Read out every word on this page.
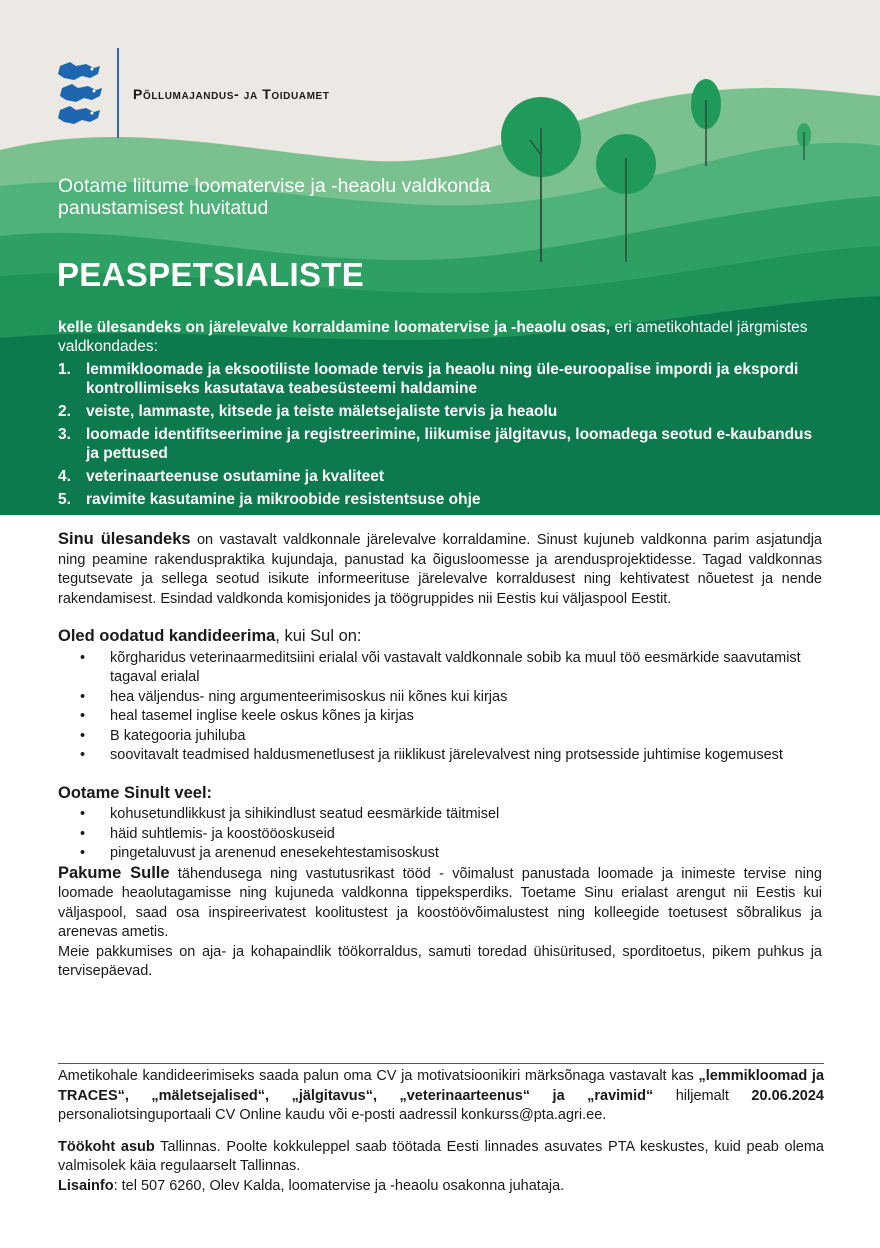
Põllumajandus- ja Toiduamet
Ootame liitume loomatervise ja -heaolu valdkonda panustamisest huvitatud
PEASPETSIALISTE
kelle ülesandeks on järelevalve korraldamine loomatervise ja -heaolu osas, eri ametikohtadel järgmistes valdkondades:
1. lemmikloomade ja eksootiliste loomade tervis ja heaolu ning üle-euroopalise impordi ja ekspordi kontrollimiseks kasutatava teabesüsteemi haldamine
2. veiste, lammaste, kitsede ja teiste mäletsejaliste tervis ja heaolu
3. loomade identifitseerimine ja registreerimine, liikumise jälgitavus, loomadega seotud e-kaubandus ja pettused
4. veterinaarteenuse osutamine ja kvaliteet
5. ravimite kasutamine ja mikroobide resistentsuse ohje

Sinu ülesandeks on vastavalt valdkonnale järelevalve korraldamine. Sinust kujuneb valdkonna parim asjatundja ning peamine rakenduspraktika kujundaja, panustad ka õigusloomesse ja arendusprojektidesse. Tagad valdkonnas tegutsevate ja sellega seotud isikute informeerituse järelevalve korraldusest ning kehtivatest nõuetest ja nende rakendamisest. Esindad valdkonda komisjonides ja töögruppides nii Eestis kui väljaspool Eestit.

Oled oodatud kandideerima, kui Sul on:
• kõrgharidus veterinaarmeditsiini erialal või vastavalt valdkonnale sobib ka muul töö eesmärkide saavutamist tagaval erialal
• hea väljendus- ning argumenteerimisoskus nii kõnes kui kirjas
• heal tasemel inglise keele oskus kõnes ja kirjas
• B kategooria juhiluba
• soovitavalt teadmised haldusmenetlusest ja riiklikust järelevalvest ning protsesside juhtimise kogemusest
Ootame Sinult veel:
• kohusetundlikkust ja sihikindlust seatud eesmärkide täitmisel
• häid suhtlemis- ja koostööoskuseid
• pingetaluvust ja arenenud enesekehtestamisoskust

Pakume Sulle tähendusega ning vastutusrikast tööd - võimalust panustada loomade ja inimeste tervise ning loomade heaolutagamisse ning kujuneda valdkonna tippeksperdiks. Toetame Sinu erialast arengut nii Eestis kui väljaspool, saad osa inspireerivatest koolitustest ja koostöövõimalustest ning kolleegide toetusest sõbralikus ja arenevas ametis.

Meie pakkumises on aja- ja kohapaindlik töökorraldus, samuti toredad ühisüritused, sporditoetus, pikem puhkus ja tervisepäevad.

Ametikohale kandideerimiseks saada palun oma CV ja motivatsioonikiri märksõnaga vastavalt kas „lemmikloomad ja TRACES“, „mäletsejalised“, „jälgitavus“, „veterinaarteenus“ ja „ravimid“ hiljemalt 20.06.2024 personaliotsinguportaali CV Online kaudu või e-posti aadressil konkurss@pta.agri.ee.

Töökoht asub Tallinnas. Poolte kokkuleppel saab töötada Eesti linnades asuvates PTA keskustes, kuid peab olema valmisolek käia regulaarselt Tallinnas.

Lisainfo: tel 507 6260, Olev Kalda, loomatervise ja -heaolu osakonna juhataja.
